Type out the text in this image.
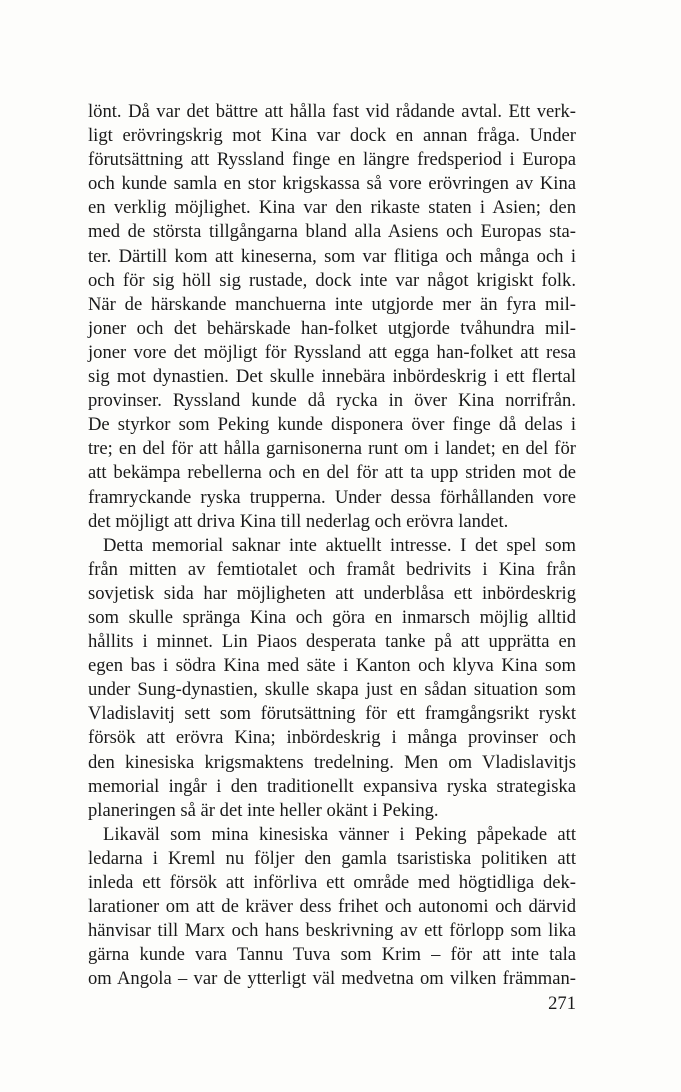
lönt. Då var det bättre att hålla fast vid rådande avtal. Ett verk-
ligt erövringskrig mot Kina var dock en annan fråga. Under
förutsättning att Ryssland finge en längre fredsperiod i Europa
och kunde samla en stor krigskassa så vore erövringen av Kina
en verklig möjlighet. Kina var den rikaste staten i Asien; den
med de största tillgångarna bland alla Asiens och Europas sta-
ter. Därtill kom att kineserna, som var flitiga och många och i
och för sig höll sig rustade, dock inte var något krigiskt folk.
När de härskande manchuerna inte utgjorde mer än fyra mil-
joner och det behärskade han-folket utgjorde tvåhundra mil-
joner vore det möjligt för Ryssland att egga han-folket att resa
sig mot dynastien. Det skulle innebära inbördeskrig i ett flertal
provinser. Ryssland kunde då rycka in över Kina norrifrån.
De styrkor som Peking kunde disponera över finge då delas i
tre; en del för att hålla garnisonerna runt om i landet; en del för
att bekämpa rebellerna och en del för att ta upp striden mot de
framryckande ryska trupperna. Under dessa förhållanden vore
det möjligt att driva Kina till nederlag och erövra landet.
Detta memorial saknar inte aktuellt intresse. I det spel som
från mitten av femtiotalet och framåt bedrivits i Kina från
sovjetisk sida har möjligheten att underblåsa ett inbördeskrig
som skulle spränga Kina och göra en inmarsch möjlig alltid
hållits i minnet. Lin Piaos desperata tanke på att upprätta en
egen bas i södra Kina med säte i Kanton och klyva Kina som
under Sung-dynastien, skulle skapa just en sådan situation som
Vladislavitj sett som förutsättning för ett framgångsrikt ryskt
försök att erövra Kina; inbördeskrig i många provinser och
den kinesiska krigsmaktens tredelning. Men om Vladislavitjs
memorial ingår i den traditionellt expansiva ryska strategiska
planeringen så är det inte heller okänt i Peking.
Likaväl som mina kinesiska vänner i Peking påpekade att
ledarna i Kreml nu följer den gamla tsaristiska politiken att
inleda ett försök att införliva ett område med högtidliga dek-
larationer om att de kräver dess frihet och autonomi och därvid
hänvisar till Marx och hans beskrivning av ett förlopp som lika
gärna kunde vara Tannu Tuva som Krim – för att inte tala
om Angola – var de ytterligt väl medvetna om vilken främman-
271
